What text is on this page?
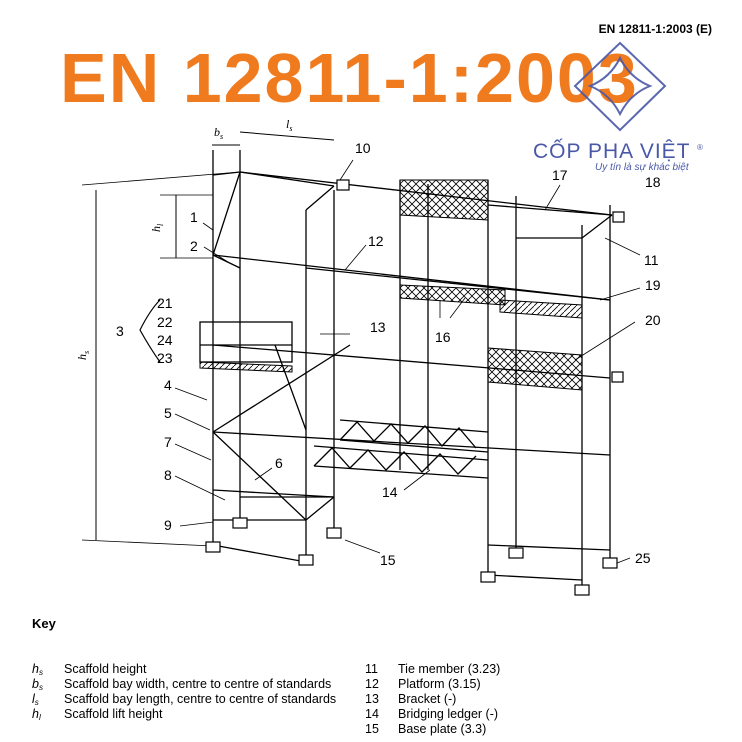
EN 12811-1:2003 (E)
1
2
3
4
5
6
7
8
9
10
11
12
13
14
15
16
17	18
19
20
21
22
24
23
25
$b_s$
$l_s$
$h_l$
$h_s$
EN 12811-1:2003
CỐP PHA VIỆT ®
Uy tín là sự khác biệt
Key
hs Scaffold height	11 Tie member (3.23)
bs Scaffold bay width, centre to centre of standards	12 Platform (3.15)
ls Scaffold bay length, centre to centre of standards 13 Bracket (-)
hl Scaffold lift height	14 Bridging ledger (-)
15 Base plate (3.3)
